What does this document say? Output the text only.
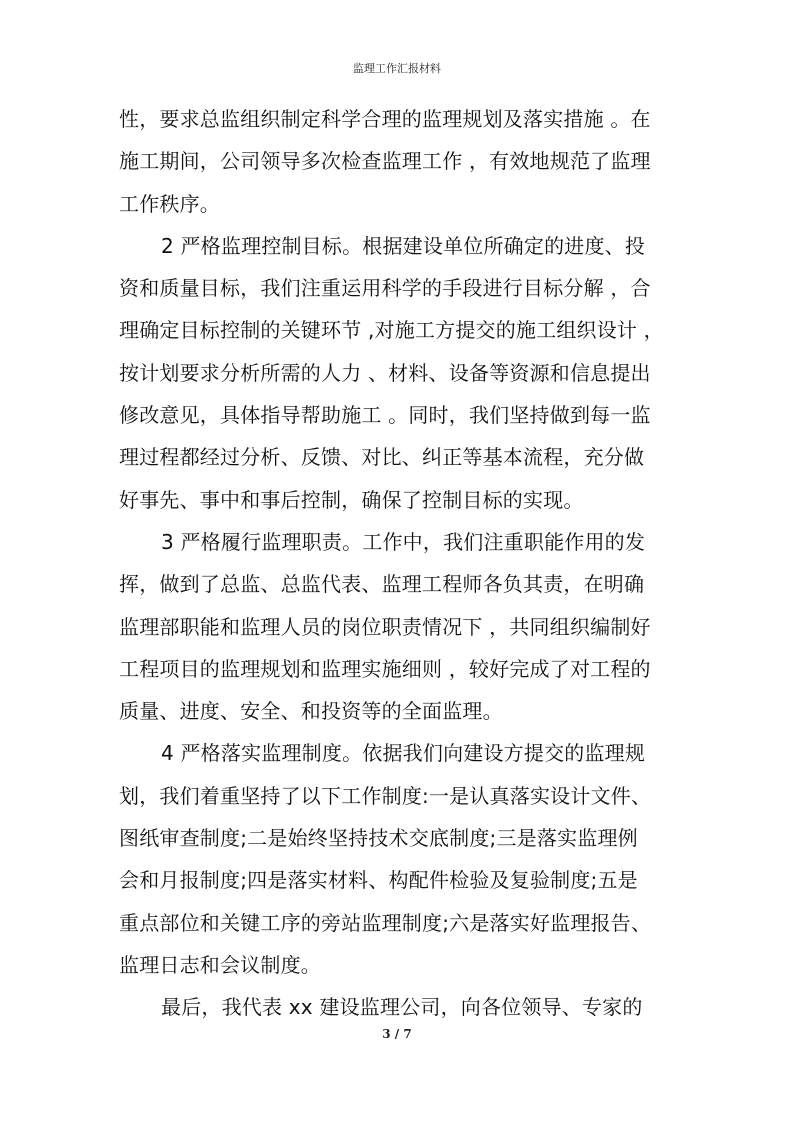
监理工作汇报材料
性，要求总监组织制定科学合理的监理规划及落实措施 。在
施工期间，公司领导多次检查监理工作 ，有效地规范了监理
工作秩序。
2 严格监理控制目标。根据建设单位所确定的进度、投
资和质量目标，我们注重运用科学的手段进行目标分解 ，合
理确定目标控制的关键环节 ,对施工方提交的施工组织设计 ，
按计划要求分析所需的人力 、材料、设备等资源和信息提出
修改意见，具体指导帮助施工 。同时，我们坚持做到每一监
理过程都经过分析、反馈、对比、纠正等基本流程，充分做
好事先、事中和事后控制，确保了控制目标的实现。
3 严格履行监理职责。工作中，我们注重职能作用的发
挥，做到了总监、总监代表、监理工程师各负其责，在明确
监理部职能和监理人员的岗位职责情况下 ，共同组织编制好
工程项目的监理规划和监理实施细则 ，较好完成了对工程的
质量、进度、安全、和投资等的全面监理。
4 严格落实监理制度。依据我们向建设方提交的监理规
划，我们着重坚持了以下工作制度:一是认真落实设计文件、
图纸审查制度;二是始终坚持技术交底制度;三是落实监理例
会和月报制度;四是落实材料、构配件检验及复验制度;五是
重点部位和关键工序的旁站监理制度;六是落实好监理报告、
监理日志和会议制度。
最后，我代表 xx 建设监理公司，向各位领导、专家的
3 / 7
